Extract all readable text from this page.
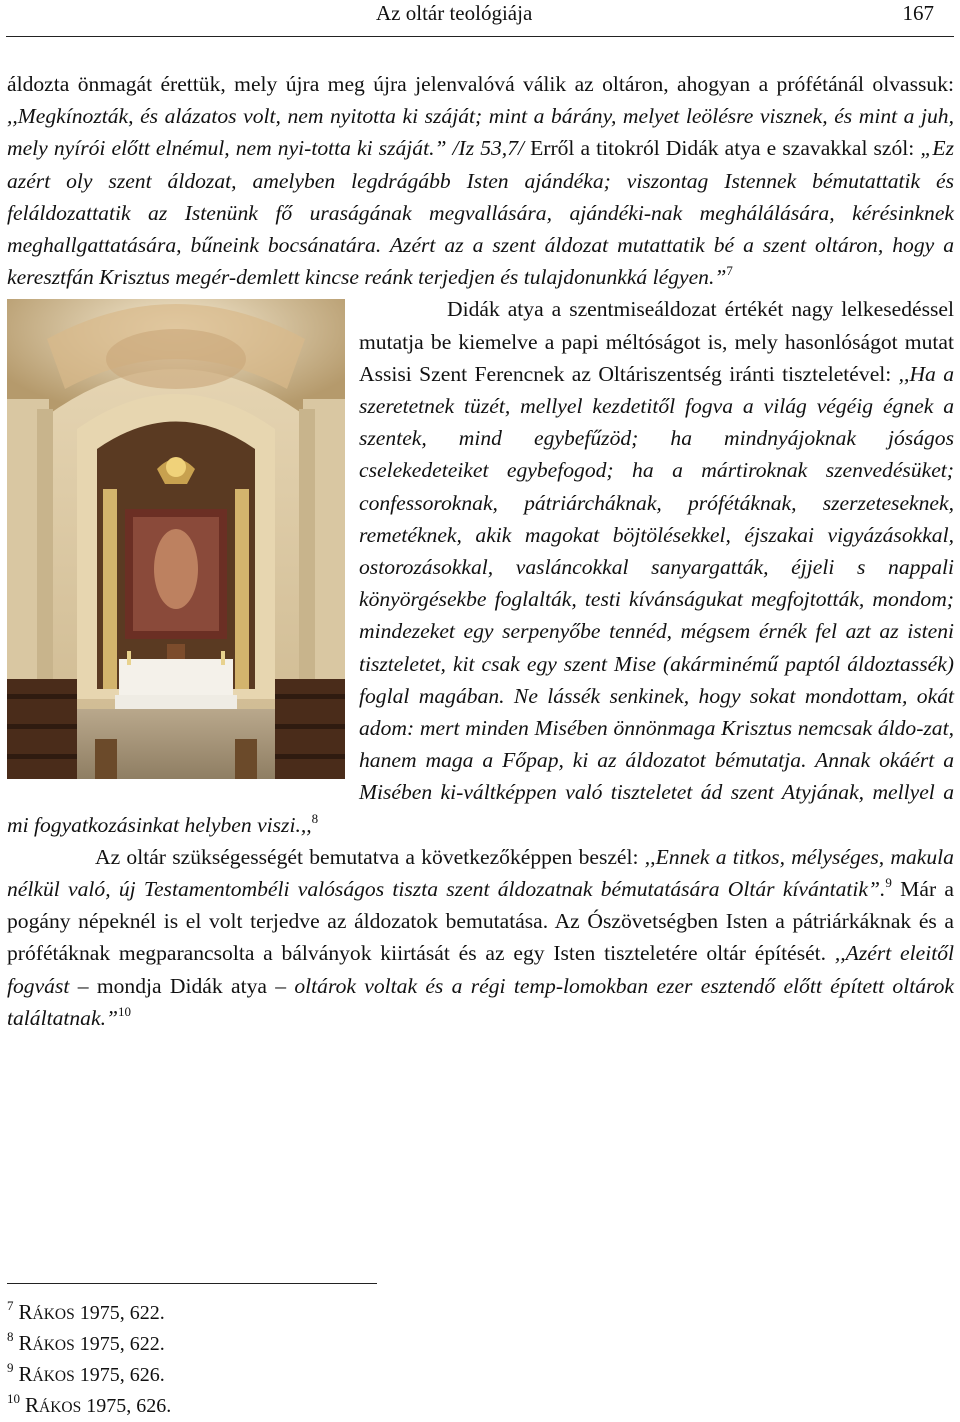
Az oltár teológiája	167

áldozta önmagát érettük, mely újra meg újra jelenvalóvá válik az oltáron, ahogyan a prófétánál olvassuk: ,,Megkínozták, és alázatos volt, nem nyitotta ki száját; mint a bárány, melyet leölésre visznek, és mint a juh, mely nyírói előtt elnémul, nem nyi-totta ki száját.” /Iz 53,7/ Erről a titokról Didák atya e szavakkal szól: „Ez azért oly szent áldozat, amelyben legdrágább Isten ajándéka; viszontag Istennek bémutattatik és feláldozattatik az Istenünk fő uraságának megvallására, ajándéki-nak meghálálására, kérésinknek meghallgattatására, bűneink bocsánatára. Azért az a szent áldozat mutattatik bé a szent oltáron, hogy a keresztfán Krisztus megér-demlett kincse reánk terjedjen és tulajdonunkká légyen.”$^7$

Didák atya a szentmiseáldozat értékét nagy lelkesedéssel mutatja be kiemelve a papi méltóságot is, mely hasonlóságot mutat Assisi Szent Ferencnek az Oltáriszentség iránti tiszteletével: ,,Ha a szeretetnek tüzét, mellyel kezdetitől fogva a világ végéig égnek a szentek, mind egybefűzöd; ha mindnyájoknak jóságos cselekedeteiket egybefogod; ha a mártiroknak szenvedésüket; confessoroknak, pátriárcháknak, prófétáknak, szerzeteseknek, remetéknek, akik magokat böjtölésekkel, éjszakai vigyázásokkal, ostorozásokkal, vasláncokkal sanyargatták, éjjeli s nappali könyörgésekbe foglalták, testi kívánságukat megfojtották, mondom; mindezeket egy serpenyőbe tennéd, mégsem érnék fel azt az isteni tiszteletet, kit csak egy szent Mise (akárminémű paptól áldoztassék) foglal magában. Ne lássék senkinek, hogy sokat mondottam, okát adom: mert minden Misében önnönmaga Krisztus nemcsak áldo-zat, hanem maga a Főpap, ki az áldozatot bémutatja. Annak okáért a Misében ki-váltképpen való tiszteletet ád szent Atyjának, mellyel a mi fogyatkozásinkat helyben viszi.,,$^8$

Az oltár szükségességét bemutatva a következőképpen beszél: ,,Ennek a titkos, mélységes, makula nélkül való, új Testamentombéli valóságos tiszta szent áldozatnak bémutatására Oltár kívántatik”.$^9$ Már a pogány népeknél is el volt terjedve az áldozatok bemutatása. Az Ószövetségben Isten a pátriárkáknak és a prófétáknak megparancsolta a bálványok kiirtását és az egy Isten tiszteletére oltár építését. ,,Azért eleitől fogvást – mondja Didák atya – oltárok voltak és a régi temp-lomokban ezer esztendő előtt épített oltárok találtatnak.”$^{10}$

$^7$ RÁKOS 1975, 622.
$^8$ RÁKOS 1975, 622.
$^9$ RÁKOS 1975, 626.
$^{10}$ RÁKOS 1975, 626.
